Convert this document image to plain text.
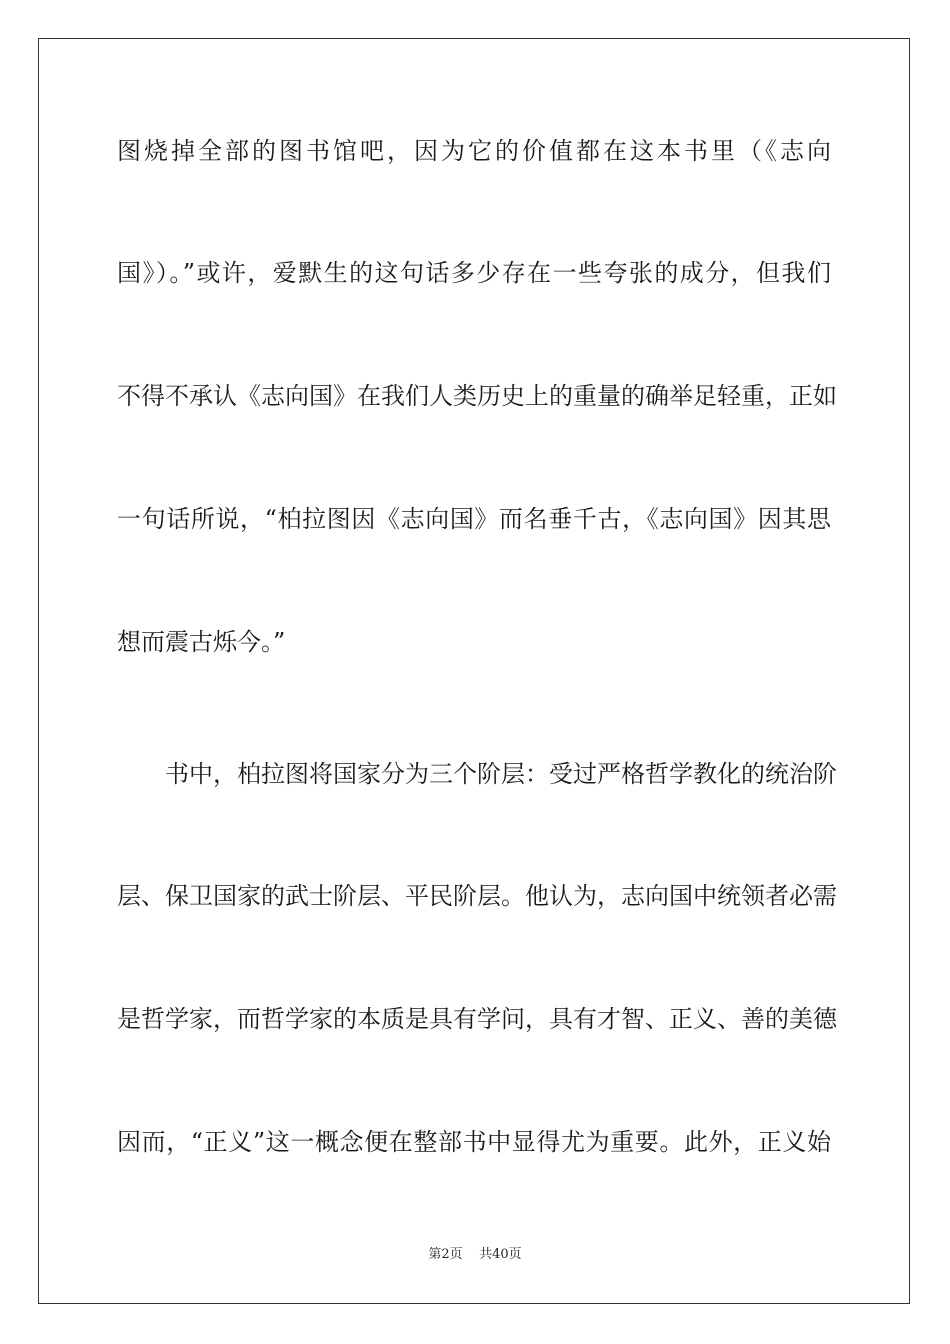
图烧掉全部的图书馆吧，因为它的价值都在这本书里（《志向
国》）。”或许，爱默生的这句话多少存在一些夸张的成分，但我们
不得不承认《志向国》在我们人类历史上的重量的确举足轻重，正如
一句话所说，“柏拉图因《志向国》而名垂千古，《志向国》因其思
想而震古烁今。”
书中，柏拉图将国家分为三个阶层：受过严格哲学教化的统治阶
层、保卫国家的武士阶层、平民阶层。他认为，志向国中统领者必需
是哲学家，而哲学家的本质是具有学问，具有才智、正义、善的美德
因而，“正义”这一概念便在整部书中显得尤为重要。此外，正义始
第2页 共40页
